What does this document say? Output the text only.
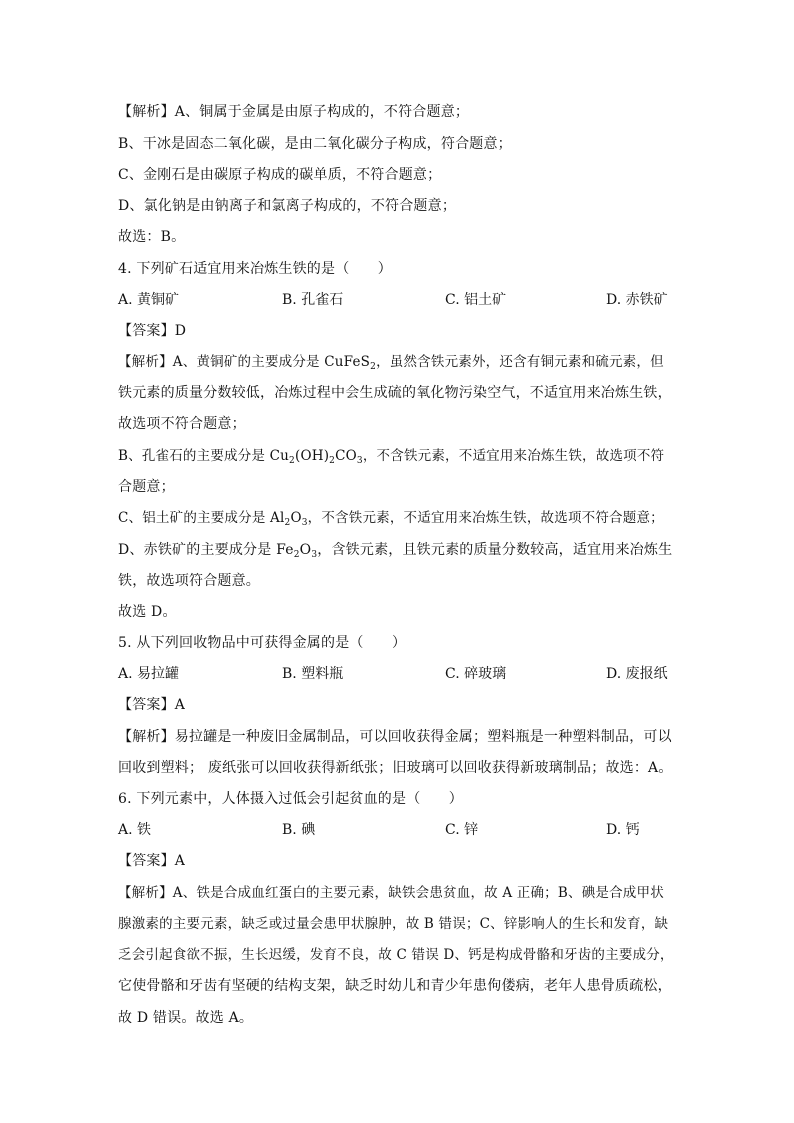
【解析】A、铜属于金属是由原子构成的，不符合题意；
B、干冰是固态二氧化碳，是由二氧化碳分子构成，符合题意；
C、金刚石是由碳原子构成的碳单质，不符合题意；
D、氯化钠是由钠离子和氯离子构成的，不符合题意；
故选：B。
4. 下列矿石适宜用来冶炼生铁的是（　　）
A. 黄铜矿	B. 孔雀石	C. 铝土矿	D. 赤铁矿
【答案】D
【解析】A、黄铜矿的主要成分是 CuFeS$_2$，虽然含铁元素外，还含有铜元素和硫元素，但
铁元素的质量分数较低，冶炼过程中会生成硫的氧化物污染空气，不适宜用来冶炼生铁，
故选项不符合题意；
B、孔雀石的主要成分是 $Cu_2(OH)_2CO_3$，不含铁元素，不适宜用来冶炼生铁，故选项不符
合题意；
C、铝土矿的主要成分是 $Al_2O_3$，不含铁元素，不适宜用来冶炼生铁，故选项不符合题意；
D、赤铁矿的主要成分是 $Fe_2O_3$，含铁元素，且铁元素的质量分数较高，适宜用来冶炼生
铁，故选项符合题意。
故选 D。
5. 从下列回收物品中可获得金属的是（　　）
A. 易拉罐	B. 塑料瓶	C. 碎玻璃	D. 废报纸
【答案】A
【解析】易拉罐是一种废旧金属制品，可以回收获得金属；塑料瓶是一种塑料制品，可以
回收到塑料； 废纸张可以回收获得新纸张；旧玻璃可以回收获得新玻璃制品；故选：A。
6. 下列元素中，人体摄入过低会引起贫血的是（　　）
A. 铁	B. 碘	C. 锌	D. 钙
【答案】A
【解析】A、铁是合成血红蛋白的主要元素，缺铁会患贫血，故 A 正确；B、碘是合成甲状
腺激素的主要元素，缺乏或过量会患甲状腺肿，故 B 错误；C、锌影响人的生长和发育，缺
乏会引起食欲不振，生长迟缓，发育不良，故 C 错误 D、钙是构成骨骼和牙齿的主要成分，
它使骨骼和牙齿有坚硬的结构支架，缺乏时幼儿和青少年患佝偻病，老年人患骨质疏松，
故 D 错误。故选 A。
